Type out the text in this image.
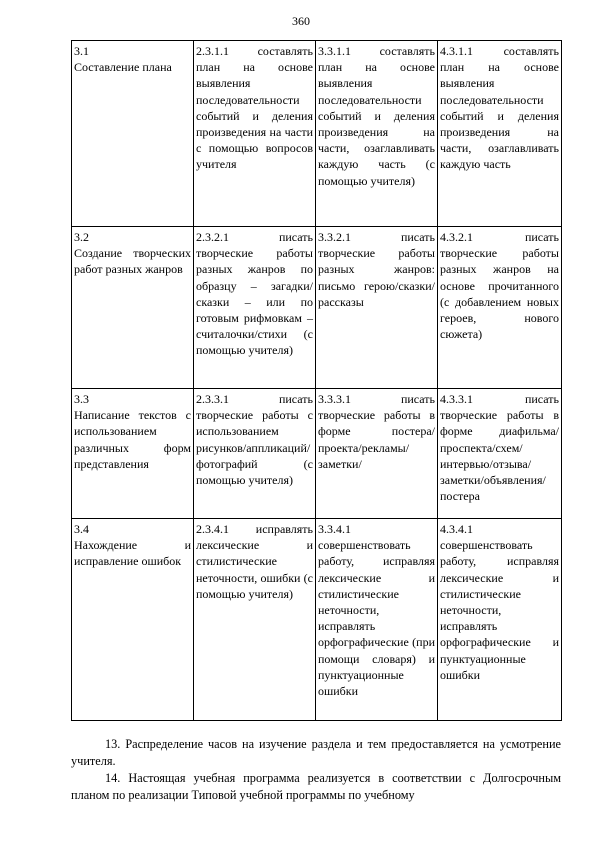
360
3.1
Составление плана	2.3.1.1  составлять план на основе выявления последовательности событий и деления произведения на части с помощью вопросов учителя	3.3.1.1  составлять план на основе выявления последовательности событий и деления произведения на части, озаглавливать каждую часть (с помощью учителя)	4.3.1.1  составлять план на основе выявления последовательности событий и деления произведения на части, озаглавливать каждую часть

3.2
Создание творческих работ разных жанров	2.3.2.1  писать творческие работы разных жанров по образцу – загадки/сказки – или по готовым рифмовкам – считалочки/стихи (с помощью учителя)	3.3.2.1  писать творческие работы разных жанров: письмо герою/сказки/рассказы	4.3.2.1  писать творческие работы разных жанров на основе прочитанного (с добавлением новых героев, нового сюжета)

3.3
Написание текстов с использованием различных форм представления	2.3.3.1  писать творческие работы с использованием рисунков/аппликаций/фотографий (с помощью учителя)	3.3.3.1  писать творческие работы в форме постера/проекта/рекламы/заметки/	4.3.3.1  писать творческие работы в форме диафильма/проспекта/схем/интервью/отзыва/заметки/объявления/постера

3.4
Нахождение и исправление ошибок	2.3.4.1  исправлять лексические и стилистические неточности, ошибки (с помощью учителя)	3.3.4.1  совершенствовать работу, исправляя лексические и стилистические неточности, исправлять орфографические (при помощи словаря) и пунктуационные ошибки	4.3.4.1  совершенствовать работу, исправляя лексические и стилистические неточности, исправлять орфографические и пунктуационные ошибки

13. Распределение часов на изучение раздела и тем предоставляется на усмотрение учителя.

14. Настоящая учебная программа реализуется в соответствии с Долгосрочным планом по реализации Типовой учебной программы по учебному
